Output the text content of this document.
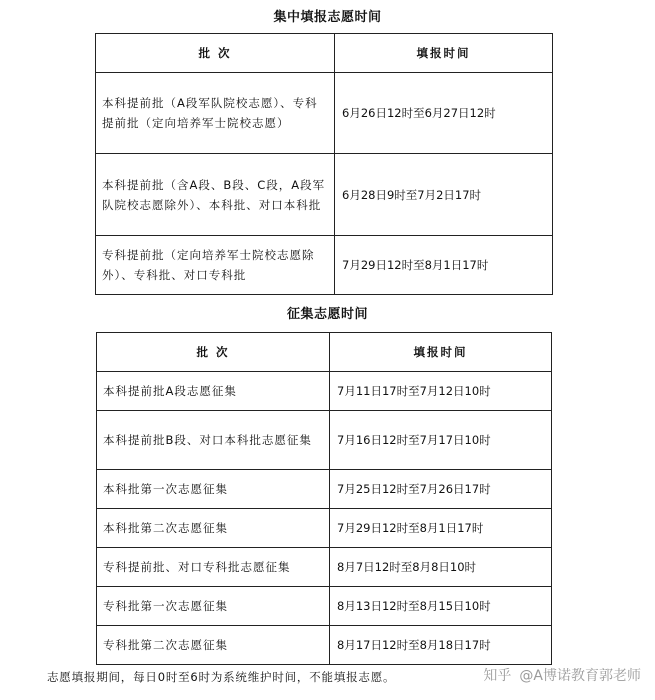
集中填报志愿时间
批 次	填报时间
本科提前批（A段军队院校志愿）、专科提前批（定向培养军士院校志愿）	6月26日12时至6月27日12时
本科提前批（含A段、B段、C段，A段军队院校志愿除外）、本科批、对口本科批	6月28日9时至7月2日17时
专科提前批（定向培养军士院校志愿除外）、专科批、对口专科批	7月29日12时至8月1日17时
征集志愿时间
批 次	填报时间
本科提前批A段志愿征集	7月11日17时至7月12日10时
本科提前批B段、对口本科批志愿征集	7月16日12时至7月17日10时
本科批第一次志愿征集	7月25日12时至7月26日17时
本科批第二次志愿征集	7月29日12时至8月1日17时
专科提前批、对口专科批志愿征集	8月7日12时至8月8日10时
专科批第一次志愿征集	8月13日12时至8月15日10时
专科批第二次志愿征集	8月17日12时至8月18日17时
志愿填报期间，每日0时至6时为系统维护时间，不能填报志愿。	知乎 @A博诺教育郭老师
